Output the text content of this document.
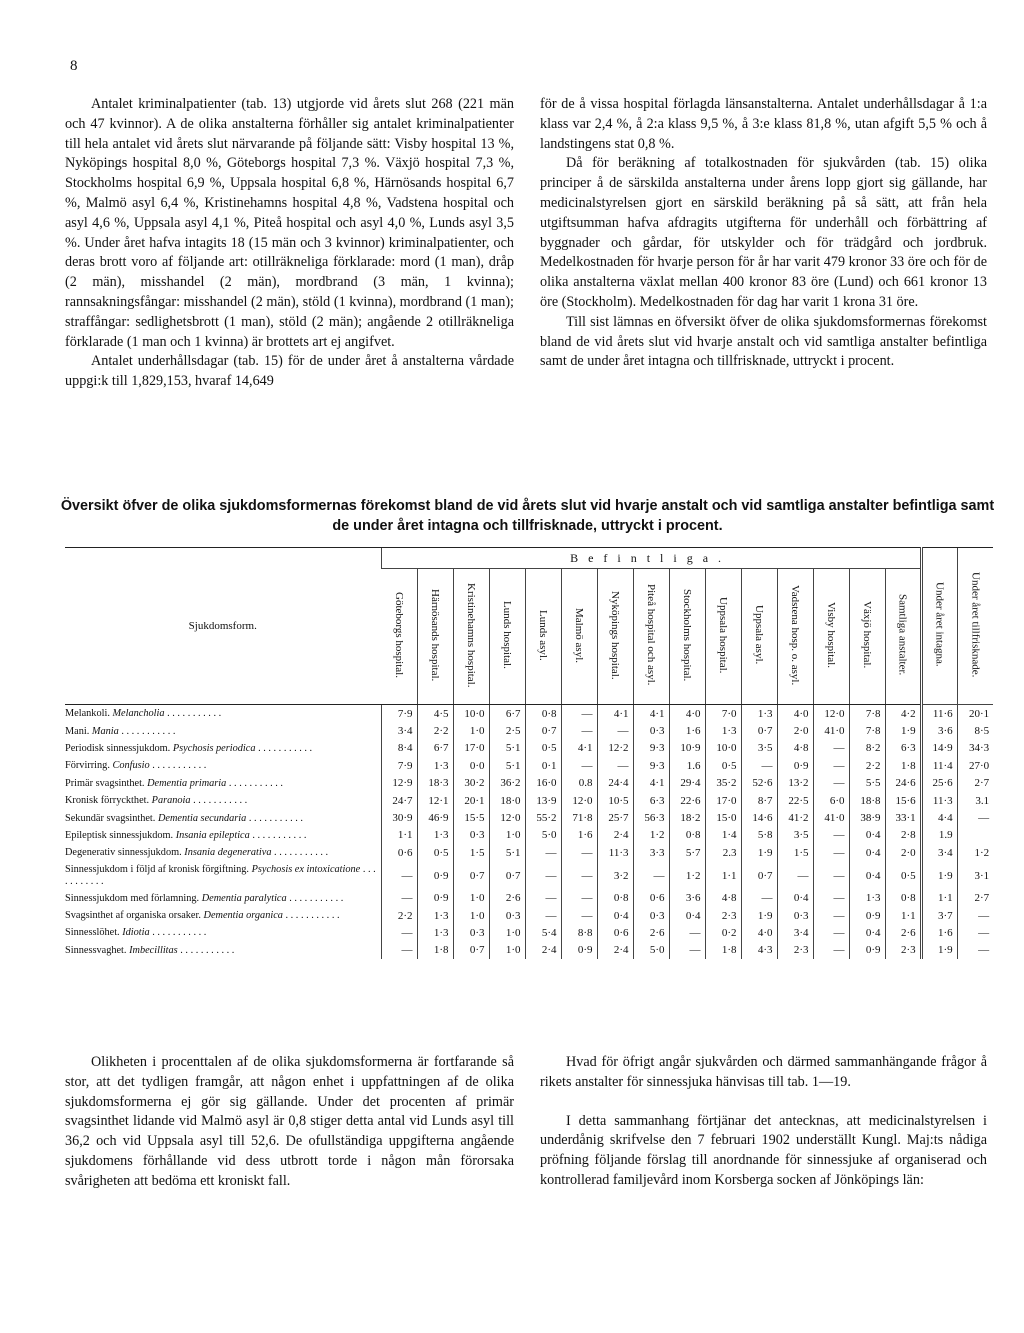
8

Antalet kriminalpatienter (tab. 13) utgjorde vid årets slut 268 (221 män och 47 kvinnor). A de olika anstalterna förhåller sig antalet kriminalpatienter till hela antalet vid årets slut närvarande på följande sätt: Visby hospital 13 %, Nyköpings hospital 8,0 %, Göteborgs hospital 7,3 %. Växjö hospital 7,3 %, Stockholms hospital 6,9 %, Uppsala hospital 6,8 %, Härnösands hospital 6,7 %, Malmö asyl 6,4 %, Kristinehamns hospital 4,8 %, Vadstena hospital och asyl 4,6 %, Uppsala asyl 4,1 %, Piteå hospital och asyl 4,0 %, Lunds asyl 3,5 %. Under året hafva intagits 18 (15 män och 3 kvinnor) kriminalpatienter, och deras brott voro af följande art: otillräkneliga förklarade: mord (1 man), dråp (2 män), misshandel (2 män), mordbrand (3 män, 1 kvinna); rannsakningsfångar: misshandel (2 män), stöld (1 kvinna), mordbrand (1 man); straffångar: sedlighetsbrott (1 man), stöld (2 män); angående 2 otillräkneliga förklarade (1 man och 1 kvinna) är brottets art ej angifvet.

Antalet underhållsdagar (tab. 15) för de under året å anstalterna vårdade uppgi:k till 1,829,153, hvaraf 14,649

för de å vissa hospital förlagda länsanstalterna. Antalet underhållsdagar å 1:a klass var 2,4 %, å 2:a klass 9,5 %, å 3:e klass 81,8 %, utan afgift 5,5 % och å landstingens stat 0,8 %.

Då för beräkning af totalkostnaden för sjukvården (tab. 15) olika principer å de särskilda anstalterna under årens lopp gjort sig gällande, har medicinalstyrelsen gjort en särskild beräkning på så sätt, att från hela utgiftsumman hafva afdragits utgifterna för underhåll och förbättring af byggnader och gårdar, för utskylder och för trädgård och jordbruk. Medelkostnaden för hvarje person för år har varit 479 kronor 33 öre och för de olika anstalterna växlat mellan 400 kronor 83 öre (Lund) och 661 kronor 13 öre (Stockholm). Medelkostnaden för dag har varit 1 krona 31 öre.

Till sist lämnas en öfversikt öfver de olika sjukdomsformernas förekomst bland de vid årets slut vid hvarje anstalt och vid samtliga anstalter befintliga samt de under året intagna och tillfrisknade, uttryckt i procent.

Översikt öfver de olika sjukdomsformernas förekomst bland de vid årets slut vid hvarje anstalt och vid samtliga anstalter befintliga samt de under året intagna och tillfrisknade, uttryckt i procent.
Sjukdomsform.	Befintliga.															Under året intagna.	Under året tillfrisknade.
	Göteborgs hospital.	Härnösands hospital.	Kristinehamns hospital.	Lunds hospital.	Lunds asyl.	Malmö asyl.	Nyköpings hospital.	Piteå hospital och asyl.	Stockholms hospital.	Uppsala hospital.	Uppsala asyl.	Vadstena hosp. o. asyl.	Visby hospital.	Växjö hospital.	Samtliga anstalter.		
Melankoli. Melancholia . . . . . . . . . . .	7·9	4·5	10·0	6·7	0·8	—	4·1	4·1	4·0	7·0	1·3	4·0	12·0	7·8	4·2	11·6	20·1
Mani. Mania . . . . . . . . . . .	3·4	2·2	1·0	2·5	0·7	—	—	0·3	1·6	1·3	0·7	2·0	41·0	7·8	1·9	3·6	8·5
Periodisk sinnessjukdom. Psychosis periodica . . . . . . . . . . .	8·4	6·7	17·0	5·1	0·5	4·1	12·2	9·3	10·9	10·0	3·5	4·8	—	8·2	6·3	14·9	34·3
Förvirring. Confusio . . . . . . . . . . .	7·9	1·3	0·0	5·1	0·1	—	—	9·3	1.6	0·5	—	0·9	—	2·2	1·8	11·4	27·0
Primär svagsinthet. Dementia primaria . . . . . . . . . . .	12·9	18·3	30·2	36·2	16·0	0.8	24·4	4·1	29·4	35·2	52·6	13·2	—	5·5	24·6	25·6	2·7
Kronisk förryckthet. Paranoia . . . . . . . . . . .	24·7	12·1	20·1	18·0	13·9	12·0	10·5	6·3	22·6	17·0	8·7	22·5	6·0	18·8	15·6	11·3	3.1
Sekundär svagsinthet. Dementia secundaria . . . . . . . . . . .	30·9	46·9	15·5	12·0	55·2	71·8	25·7	56·3	18·2	15·0	14·6	41·2	41·0	38·9	33·1	4·4	—
Epileptisk sinnessjukdom. Insania epileptica . . . . . . . . . . .	1·1	1·3	0·3	1·0	5·0	1·6	2·4	1·2	0·8	1·4	5·8	3·5	—	0·4	2·8	1.9	
Degenerativ sinnessjukdom. Insania degenerativa . . . . . . . . . . .	0·6	0·5	1·5	5·1	—	—	11·3	3·3	5·7	2.3	1·9	1·5	—	0·4	2·0	3·4	1·2
Sinnessjukdom i följd af kronisk förgiftning. Psychosis ex intoxicatione . . . . . . . . . . .	—	0·9	0·7	0·7	—	—	3·2	—	1·2	1·1	0·7	—	—	0·4	0·5	1·9	3·1
Sinnessjukdom med förlamning. Dementia paralytica . . . . . . . . . . .	—	0·9	1·0	2·6	—	—	0·8	0·6	3·6	4·8	—	0·4	—	1·3	0·8	1·1	2·7
Svagsinthet af organiska orsaker. Dementia organica . . . . . . . . . . .	2·2	1·3	1·0	0·3	—	—	0·4	0·3	0·4	2·3	1·9	0·3	—	0·9	1·1	3·7	—
Sinnesslöhet. Idiotia . . . . . . . . . . .	—	1·3	0·3	1·0	5·4	8·8	0·6	2·6	—	0·2	4·0	3·4	—	0·4	2·6	1·6	—
Sinnessvaghet. Imbecillitas . . . . . . . . . . .	—	1·8	0·7	1·0	2·4	0·9	2·4	5·0	—	1·8	4·3	2·3	—	0·9	2·3	1·9	—

Olikheten i procenttalen af de olika sjukdomsformerna är fortfarande så stor, att det tydligen framgår, att någon enhet i uppfattningen af de olika sjukdomsformerna ej gör sig gällande. Under det procenten af primär svagsinthet lidande vid Malmö asyl är 0,8 stiger detta antal vid Lunds asyl till 36,2 och vid Uppsala asyl till 52,6. De ofullständiga uppgifterna angående sjukdomens förhållande vid dess utbrott torde i någon mån förorsaka svårigheten att bedöma ett kroniskt fall.

Hvad för öfrigt angår sjukvården och därmed sammanhängande frågor å rikets anstalter för sinnessjuka hänvisas till tab. 1—19.

I detta sammanhang förtjänar det antecknas, att medicinalstyrelsen i underdånig skrifvelse den 7 februari 1902 underställt Kungl. Maj:ts nådiga pröfning följande förslag till anordnande för sinnessjuke af organiserad och kontrollerad familjevård inom Korsberga socken af Jönköpings län:
